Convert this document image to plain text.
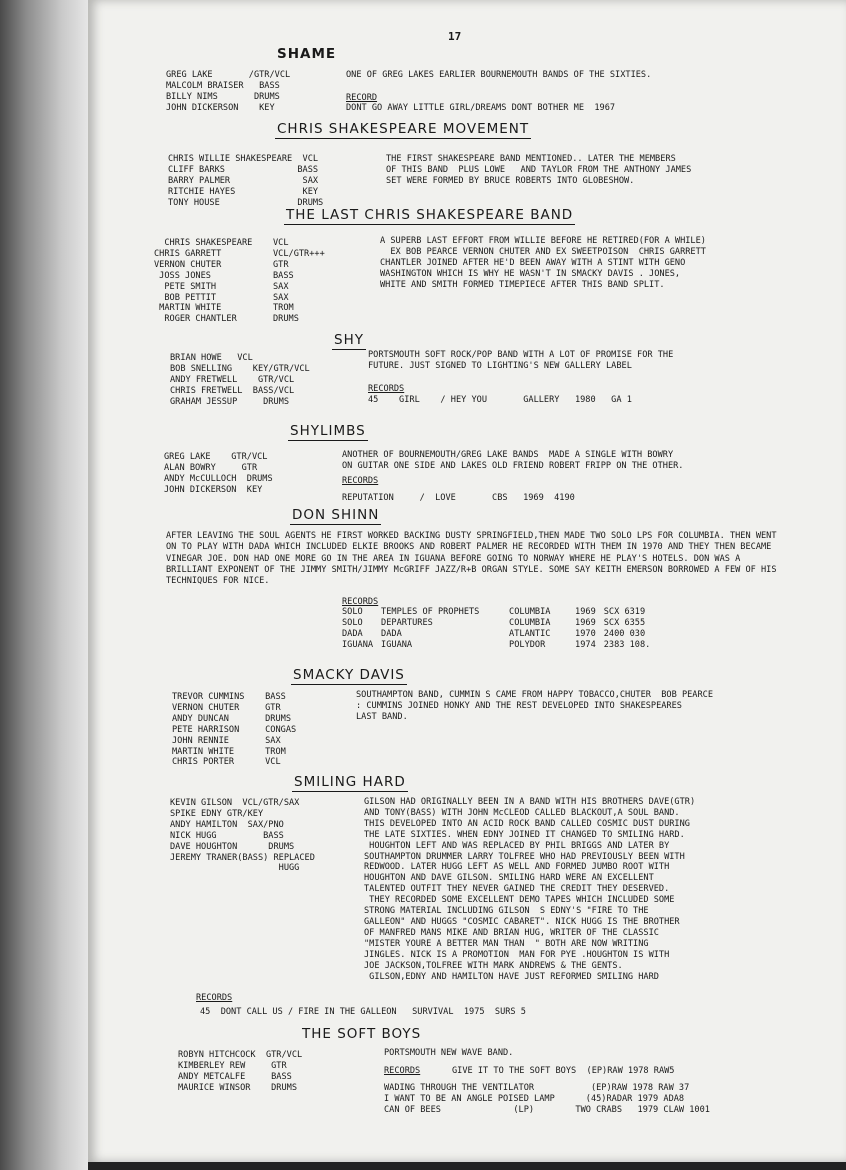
17
SHAME
GREG LAKE       /GTR/VCL
MALCOLM BRAISER   BASS
BILLY NIMS       DRUMS
JOHN DICKERSON    KEY
ONE OF GREG LAKES EARLIER BOURNEMOUTH BANDS OF THE SIXTIES.
RECORD
DONT GO AWAY LITTLE GIRL/DREAMS DONT BOTHER ME  1967
CHRIS SHAKESPEARE MOVEMENT
CHRIS WILLIE SHAKESPEARE  VCL
CLIFF BARKS              BASS
BARRY PALMER              SAX
RITCHIE HAYES             KEY
TONY HOUSE               DRUMS
THE FIRST SHAKESPEARE BAND MENTIONED.. LATER THE MEMBERS
OF THIS BAND  PLUS LOWE   AND TAYLOR FROM THE ANTHONY JAMES
SET WERE FORMED BY BRUCE ROBERTS INTO GLOBESHOW.
THE LAST CHRIS SHAKESPEARE BAND
CHRIS SHAKESPEARE    VCL
CHRIS GARRETT          VCL/GTR+++
VERNON CHUTER          GTR
JOSS JONES            BASS
PETE SMITH           SAX
BOB PETTIT           SAX
MARTIN WHITE          TROM
ROGER CHANTLER       DRUMS
A SUPERB LAST EFFORT FROM WILLIE BEFORE HE RETIRED(FOR A WHILE)
EX BOB PEARCE VERNON CHUTER AND EX SWEETPOISON  CHRIS GARRETT
CHANTLER JOINED AFTER HE'D BEEN AWAY WITH A STINT WITH GENO
WASHINGTON WHICH IS WHY HE WASN'T IN SMACKY DAVIS . JONES,
WHITE AND SMITH FORMED TIMEPIECE AFTER THIS BAND SPLIT.
SHY
BRIAN HOWE   VCL
BOB SNELLING    KEY/GTR/VCL
ANDY FRETWELL    GTR/VCL
CHRIS FRETWELL  BASS/VCL
GRAHAM JESSUP     DRUMS
PORTSMOUTH SOFT ROCK/POP BAND WITH A LOT OF PROMISE FOR THE
FUTURE. JUST SIGNED TO LIGHTING'S NEW GALLERY LABEL
RECORDS
45    GIRL    / HEY YOU       GALLERY   1980   GA 1
SHYLIMBS
GREG LAKE    GTR/VCL
ALAN BOWRY     GTR
ANDY McCULLOCH  DRUMS
JOHN DICKERSON  KEY
ANOTHER OF BOURNEMOUTH/GREG LAKE BANDS  MADE A SINGLE WITH BOWRY
ON GUITAR ONE SIDE AND LAKES OLD FRIEND ROBERT FRIPP ON THE OTHER.
RECORDS
REPUTATION     /  LOVE       CBS   1969  4190
DON SHINN

AFTER LEAVING THE SOUL AGENTS HE FIRST WORKED BACKING DUSTY SPRINGFIELD,THEN MADE TWO SOLO LPS FOR COLUMBIA. THEN WENT ON TO PLAY WITH DADA WHICH INCLUDED ELKIE BROOKS AND ROBERT PALMER HE RECORDED WITH THEM IN 1970 AND THEY THEN BECAME VINEGAR JOE. DON HAD ONE MORE GO IN THE AREA IN IGUANA BEFORE GOING TO NORWAY WHERE HE PLAY'S HOTELS. DON WAS A BRILLIANT EXPONENT OF THE JIMMY SMITH/JIMMY McGRIFF JAZZ/R+B ORGAN STYLE. SOME SAY KEITH EMERSON BORROWED A FEW OF HIS TECHNIQUES FOR NICE.

RECORDS
SOLO	TEMPLES OF PROPHETS	COLUMBIA	1969	SCX 6319
SOLO	DEPARTURES	COLUMBIA	1969	SCX 6355
DADA	DADA	ATLANTIC	1970	2400 030
IGUANA	IGUANA	POLYDOR	1974	2383 108.
SMACKY DAVIS
TREVOR CUMMINS    BASS
VERNON CHUTER     GTR
ANDY DUNCAN       DRUMS
PETE HARRISON     CONGAS
JOHN RENNIE       SAX
MARTIN WHITE      TROM
CHRIS PORTER      VCL
SOUTHAMPTON BAND, CUMMIN S CAME FROM HAPPY TOBACCO,CHUTER  BOB PEARCE
: CUMMINS JOINED HONKY AND THE REST DEVELOPED INTO SHAKESPEARES
LAST BAND.
SMILING HARD
KEVIN GILSON  VCL/GTR/SAX
SPIKE EDNY GTR/KEY
ANDY HAMILTON  SAX/PNO
NICK HUGG         BASS
DAVE HOUGHTON      DRUMS
JEREMY TRANER(BASS) REPLACED
HUGG
GILSON HAD ORIGINALLY BEEN IN A BAND WITH HIS BROTHERS DAVE(GTR)
AND TONY(BASS) WITH JOHN McCLEOD CALLED BLACKOUT,A SOUL BAND.
THIS DEVELOPED INTO AN ACID ROCK BAND CALLED COSMIC DUST DURING
THE LATE SIXTIES. WHEN EDNY JOINED IT CHANGED TO SMILING HARD.
HOUGHTON LEFT AND WAS REPLACED BY PHIL BRIGGS AND LATER BY
SOUTHAMPTON DRUMMER LARRY TOLFREE WHO HAD PREVIOUSLY BEEN WITH
REDWOOD. LATER HUGG LEFT AS WELL AND FORMED JUMBO ROOT WITH
HOUGHTON AND DAVE GILSON. SMILING HARD WERE AN EXCELLENT
TALENTED OUTFIT THEY NEVER GAINED THE CREDIT THEY DESERVED.
THEY RECORDED SOME EXCELLENT DEMO TAPES WHICH INCLUDED SOME
STRONG MATERIAL INCLUDING GILSON  S EDNY'S "FIRE TO THE
GALLEON" AND HUGGS "COSMIC CABARET". NICK HUGG IS THE BROTHER
OF MANFRED MANS MIKE AND BRIAN HUG, WRITER OF THE CLASSIC
"MISTER YOURE A BETTER MAN THAN  " BOTH ARE NOW WRITING
JINGLES. NICK IS A PROMOTION  MAN FOR PYE .HOUGHTON IS WITH
JOE JACKSON,TOLFREE WITH MARK ANDREWS & THE GENTS.
GILSON,EDNY AND HAMILTON HAVE JUST REFORMED SMILING HARD
RECORDS
45  DONT CALL US / FIRE IN THE GALLEON   SURVIVAL  1975  SURS 5
THE SOFT BOYS
ROBYN HITCHCOCK  GTR/VCL
KIMBERLEY REW     GTR
ANDY METCALFE     BASS
MAURICE WINSOR    DRUMS
PORTSMOUTH NEW WAVE BAND.
RECORDS	GIVE IT TO THE SOFT BOYS  (EP)RAW 1978 RAW5
WADING THROUGH THE VENTILATOR           (EP)RAW 1978 RAW 37
I WANT TO BE AN ANGLE POISED LAMP      (45)RADAR 1979 ADA8
CAN OF BEES              (LP)        TWO CRABS   1979 CLAW 1001
